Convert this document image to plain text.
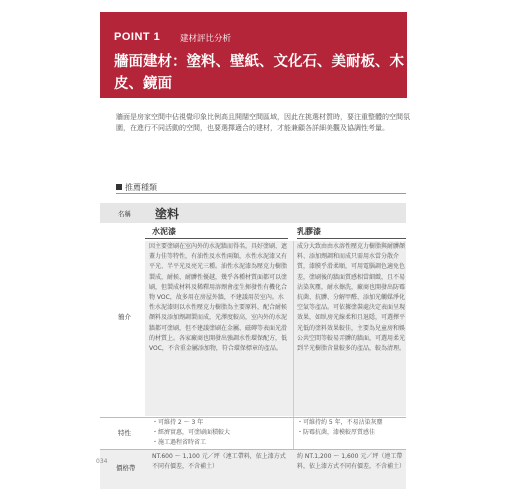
POINT 1 建材評比分析
牆面建材：塗料、壁紙、文化石、美耐板、木皮、鏡面
牆面是房家空間中佔視覺印象比例高且開闊空間區域，因此在挑選材質時，要注重整體的空間氛圍，在進行不同活動的空間，也要選擇適合的建材，才能兼顧各詳細美觀及協調性考量。
推薦種類
名稱 塗料
水泥漆	乳膠漆
簡介
因主要塗刷在室內外的水泥牆而得名，具好塗刷、遮蓋力佳等特性，有油性及水性兩類，水性水泥漆又有平光、半平光及亮光三種。油性水泥漆為壓克力樹脂製成，耐候、耐髒性優越，幾乎各種材質面都可以塗刷，但製成材料及稀釋用溶劑會產生揮發性有機化合物 VOC，故多用在房屋外牆，不建議用於室內。水性水泥漆則以水性壓克力樹脂為主要原料，配合耐候顏料及添加劑調製而成，光澤度較高，室內外的水泥牆都可塗刷，但不建議塗刷在金屬、磁磚等表面光滑的材質上。各家廠商也開發出強調水性環保配方，低 VOC，不含重金屬添加物，符合環保標章的產品。
成分大致由由水溶性壓克力樹脂與耐髒顏料、添加劑調和而成只需用水當分散介質，漆膜乎滑柔順，可用電腦調色適免色差，塗刷後的牆面質感相當細緻，且不易沾染灰塵，耐水擦洗，廠商也開發出防霉抗菌、抗髒、分解甲醛、添加光觸媒淨化空氣等產品。可依據塗裝處決定表面呈現效果，如臥房光線柔和且退隱，可選擇平光低的塗料效果較佳，主要為兒童房和娛公共空間等較易弄髒的牆面，可選用柔光到半光樹脂含量較多的產品，較為清理。
特性
・可維持 2 ～ 3 年
・經濟實惠，可塗刷面積較大
・施工過程省時省工
・可維持約 5 年，不易沾染灰塵
・防霉抗菌，漆模較厚質感佳
價格帶
NT.600 ～ 1,100 元／坪（連工帶料，依上漆方式不同有價差，不含補土）
約 NT.1,200 ～ 1,600 元／坪（連工帶料，依上漆方式不同有價差，不含補土）
034
